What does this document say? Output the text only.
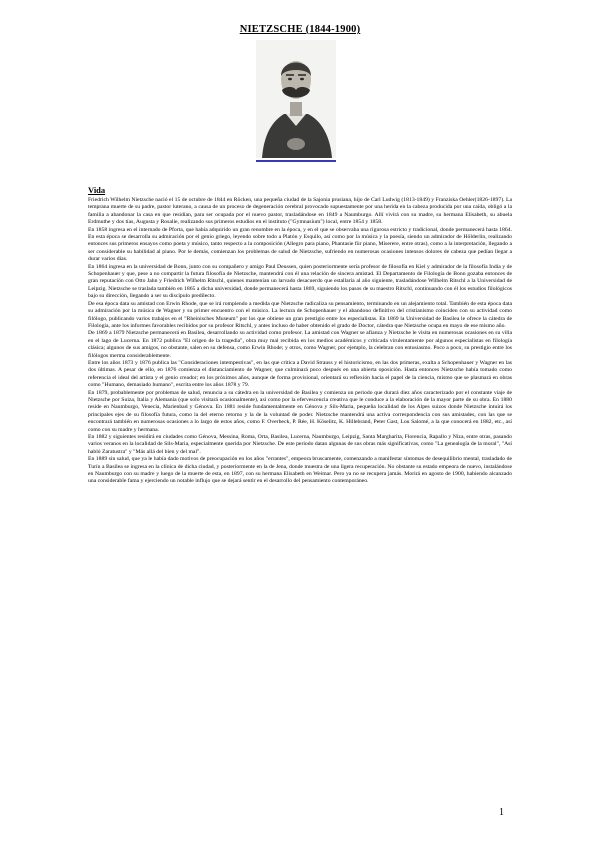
NIETZSCHE (1844-1900)
Vida

Friedrich Wilhelm Nietzsche nació el 15 de octubre de 1844 en Röcken, una pequeña ciudad de la Sajonia prusiana, hijo de Carl Ludwig (1813-1849) y Franziska Oehler(1826-1897). La temprana muerte de su padre, pastor luterano, a causa de un proceso de degeneración cerebral provocado supuestamente por una herida en la cabeza producida por una caída, obligó a la familia a abandonar la casa en que residían, para ser ocupada por el nuevo pastor, trasladándose en 1849 a Naumburgo. Allí vivirá con su madre, su hermana Elisabeth, su abuela Erdmuthe y dos tías, Augusta y Rosalie, realizando sus primeros estudios en el instituto ("Gymnasium") local, entre 1854 y 1858.

En 1858 ingresa en el internado de Pforta, que había adquirido un gran renombre en la época, y en el que se observaba una rigurosa estricto y tradicional, donde permanecerá hasta 1864. En esta época se desarrolla su admiración por el genio griego, leyendo sobre todo a Platón y Esquilo, así como por la música y la poesía, siendo un admirador de Hölderlin, realizando entonces sus primeros ensayos como poeta y músico, tanto respecto a la composición (Allegro para piano, Phantasie für piano, Miserere, entre otras), como a la interpretación, llegando a ser considerable su habilidad al piano. Por le demás, comienzan los problemas de salud de Nietzsche, sufriendo en numerosas ocasiones intensos dolores de cabeza que pedían llegar a durar varios días.

En 1864 ingresa en la universidad de Bonn, junto con su compañero y amigo Paul Deussen, quien posteriormente sería profesor de filosofía en Kiel y admirador de la filosofía India y de Schopenhauer y que, pese a no compartir la futura filosofía de Nietzsche, mantendrá con él una relación de sincera amistad. El Departamento de Filología de Bonn gozaba entonces de gran reputación con Otto Jahn y Friedrich Wilhelm Ritschl, quienes mantenían un larvado desacuerdo que estallaría al año siguiente, trasladándose Wilhelm Ritschl a la Universidad de Leipzig. Nietzsche se traslada también en 1865 a dicha universidad, donde permanecerá hasta 1869, siguiendo los pasos de su maestro Ritschl, continuando con él los estudios filológicos bajo su dirección, llegando a ser su discípulo predilecto.

De esa época data su amistad con Erwin Rhode, que se irá rompiendo a medida que Nietzsche radicaliza su pensamiento, terminando en un alejamiento total. También de esta época data su admiración por la música de Wagner y su primer encuentro con el músico. La lectura de Schopenhauer y el abandono definitivo del cristianismo coinciden con su actividad como filólogo, publicando varios trabajos en el "Rheinisches Museum" por los que obtiene un gran prestigio entre los especialistas. En 1869 la Universidad de Basilea le ofrece la cátedra de Filología, ante los informes favorables recibidos por su profesor Ritschl, y antes incluso de haber obtenido el grado de Doctor, cátedra que Nietzsche ocupa en mayo de ese mismo año.

De 1869 a 1879 Nietzsche permanecerá en Basilea, desarrollando su actividad como profesor. La amistad con Wagner se afianza y Nietzsche le visita en numerosas ocasiones en su villa en el lago de Lucerna. En 1872 publica "El origen de la tragedia", obra muy mal recibida en los medios académicos y criticada virulentamente por algunos especialistas en filología clásica; algunos de sus amigos, no obstante, salen en su defensa, como Erwin Rhode; y otros, como Wagner, por ejemplo, la celebran con entusiasmo. Poco a poco, su prestigio entre los filólogos merma considerablemente.

Entre los años 1873 y 1876 publica las "Consideraciones intempestivas", en las que critica a David Strauss y el historicismo, en las dos primeras, exalta a Schopenhauer y Wagner en las dos últimas. A pesar de ello, en 1876 comienza el distanciamiento de Wagner, que culminará poco después en una abierta oposición. Hasta entonces Nietzsche había tomado como referencia el ideal del artista y el genio creador; en los próximos años, aunque de forma provisional, orientará su reflexión hacia el papel de la ciencia, mismo que se plasmará en obras como "Humano, demasiado humano", escrita entre los años 1878 y 79.

En 1879, probablemente por problemas de salud, renuncia a su cátedra en la universidad de Basilea y comienza un periodo que durará diez años caracterizado por el constante viaje de Nietzsche por Suiza, Italia y Alemania (que solo visitará ocasionalmente), así como por la efervescencia creativa que le conduce a la elaboración de la mayor parte de su obra. En 1880 reside en Naumburgo, Venecia, Marienbad y Génova. En 1881 reside fundamentalmente en Génova y Sils-Maria, pequeña localidad de los Alpes suizos donde Nietzsche intuirá los principales ejes de su filosofía futura, como la del eterno retorno y la de la voluntad de poder. Nietzsche mantendrá una activa correspondencia con sus amistades, con las que se encontrará también en numerosas ocasiones a lo largo de estos años, como F. Overbeck, P. Rée, H. Köselitz, K. Hillebrand, Peter Gast, Lou Salomé, a la que conocerá en 1882, etc., así como con su madre y hermana.

En 1882 y siguientes residirá en ciudades como Génova, Messina, Roma, Orta, Basilea, Lucerna, Naumburgo, Leipzig, Santa Margharita, Florencia, Rapallo y Niza, entre otras, pasando varios veranos en la localidad de Sils-Maria, especialmente querida por Nietzsche. De este periodo datan algunas de sus obras más significativas, como "La genealogía de la moral", "Así habló Zaratustra" y "Más allá del bien y del mal".

En 1889 sin salud, que ya le había dado motivos de preocupación en los años "errantes", empeora bruscamente, comenzando a manifestar síntomas de desequilibrio mental, trasladado de Turín a Basilea se ingresa en la clínica de dicha ciudad, y posteriormente en la de Jena, donde muestra de una ligera recuperación. No obstante su estado empeora de nuevo, instalándose en Naumburgo con su madre y luego de la muerte de esta, en 1897, con su hermana Elisabeth en Weimar. Pero ya no se recupera jamás. Morirá en agosto de 1900, habiendo alcanzado una considerable fama y ejerciendo un notable influjo que se dejará sentir en el desarrollo del pensamiento contemporáneo.

1
